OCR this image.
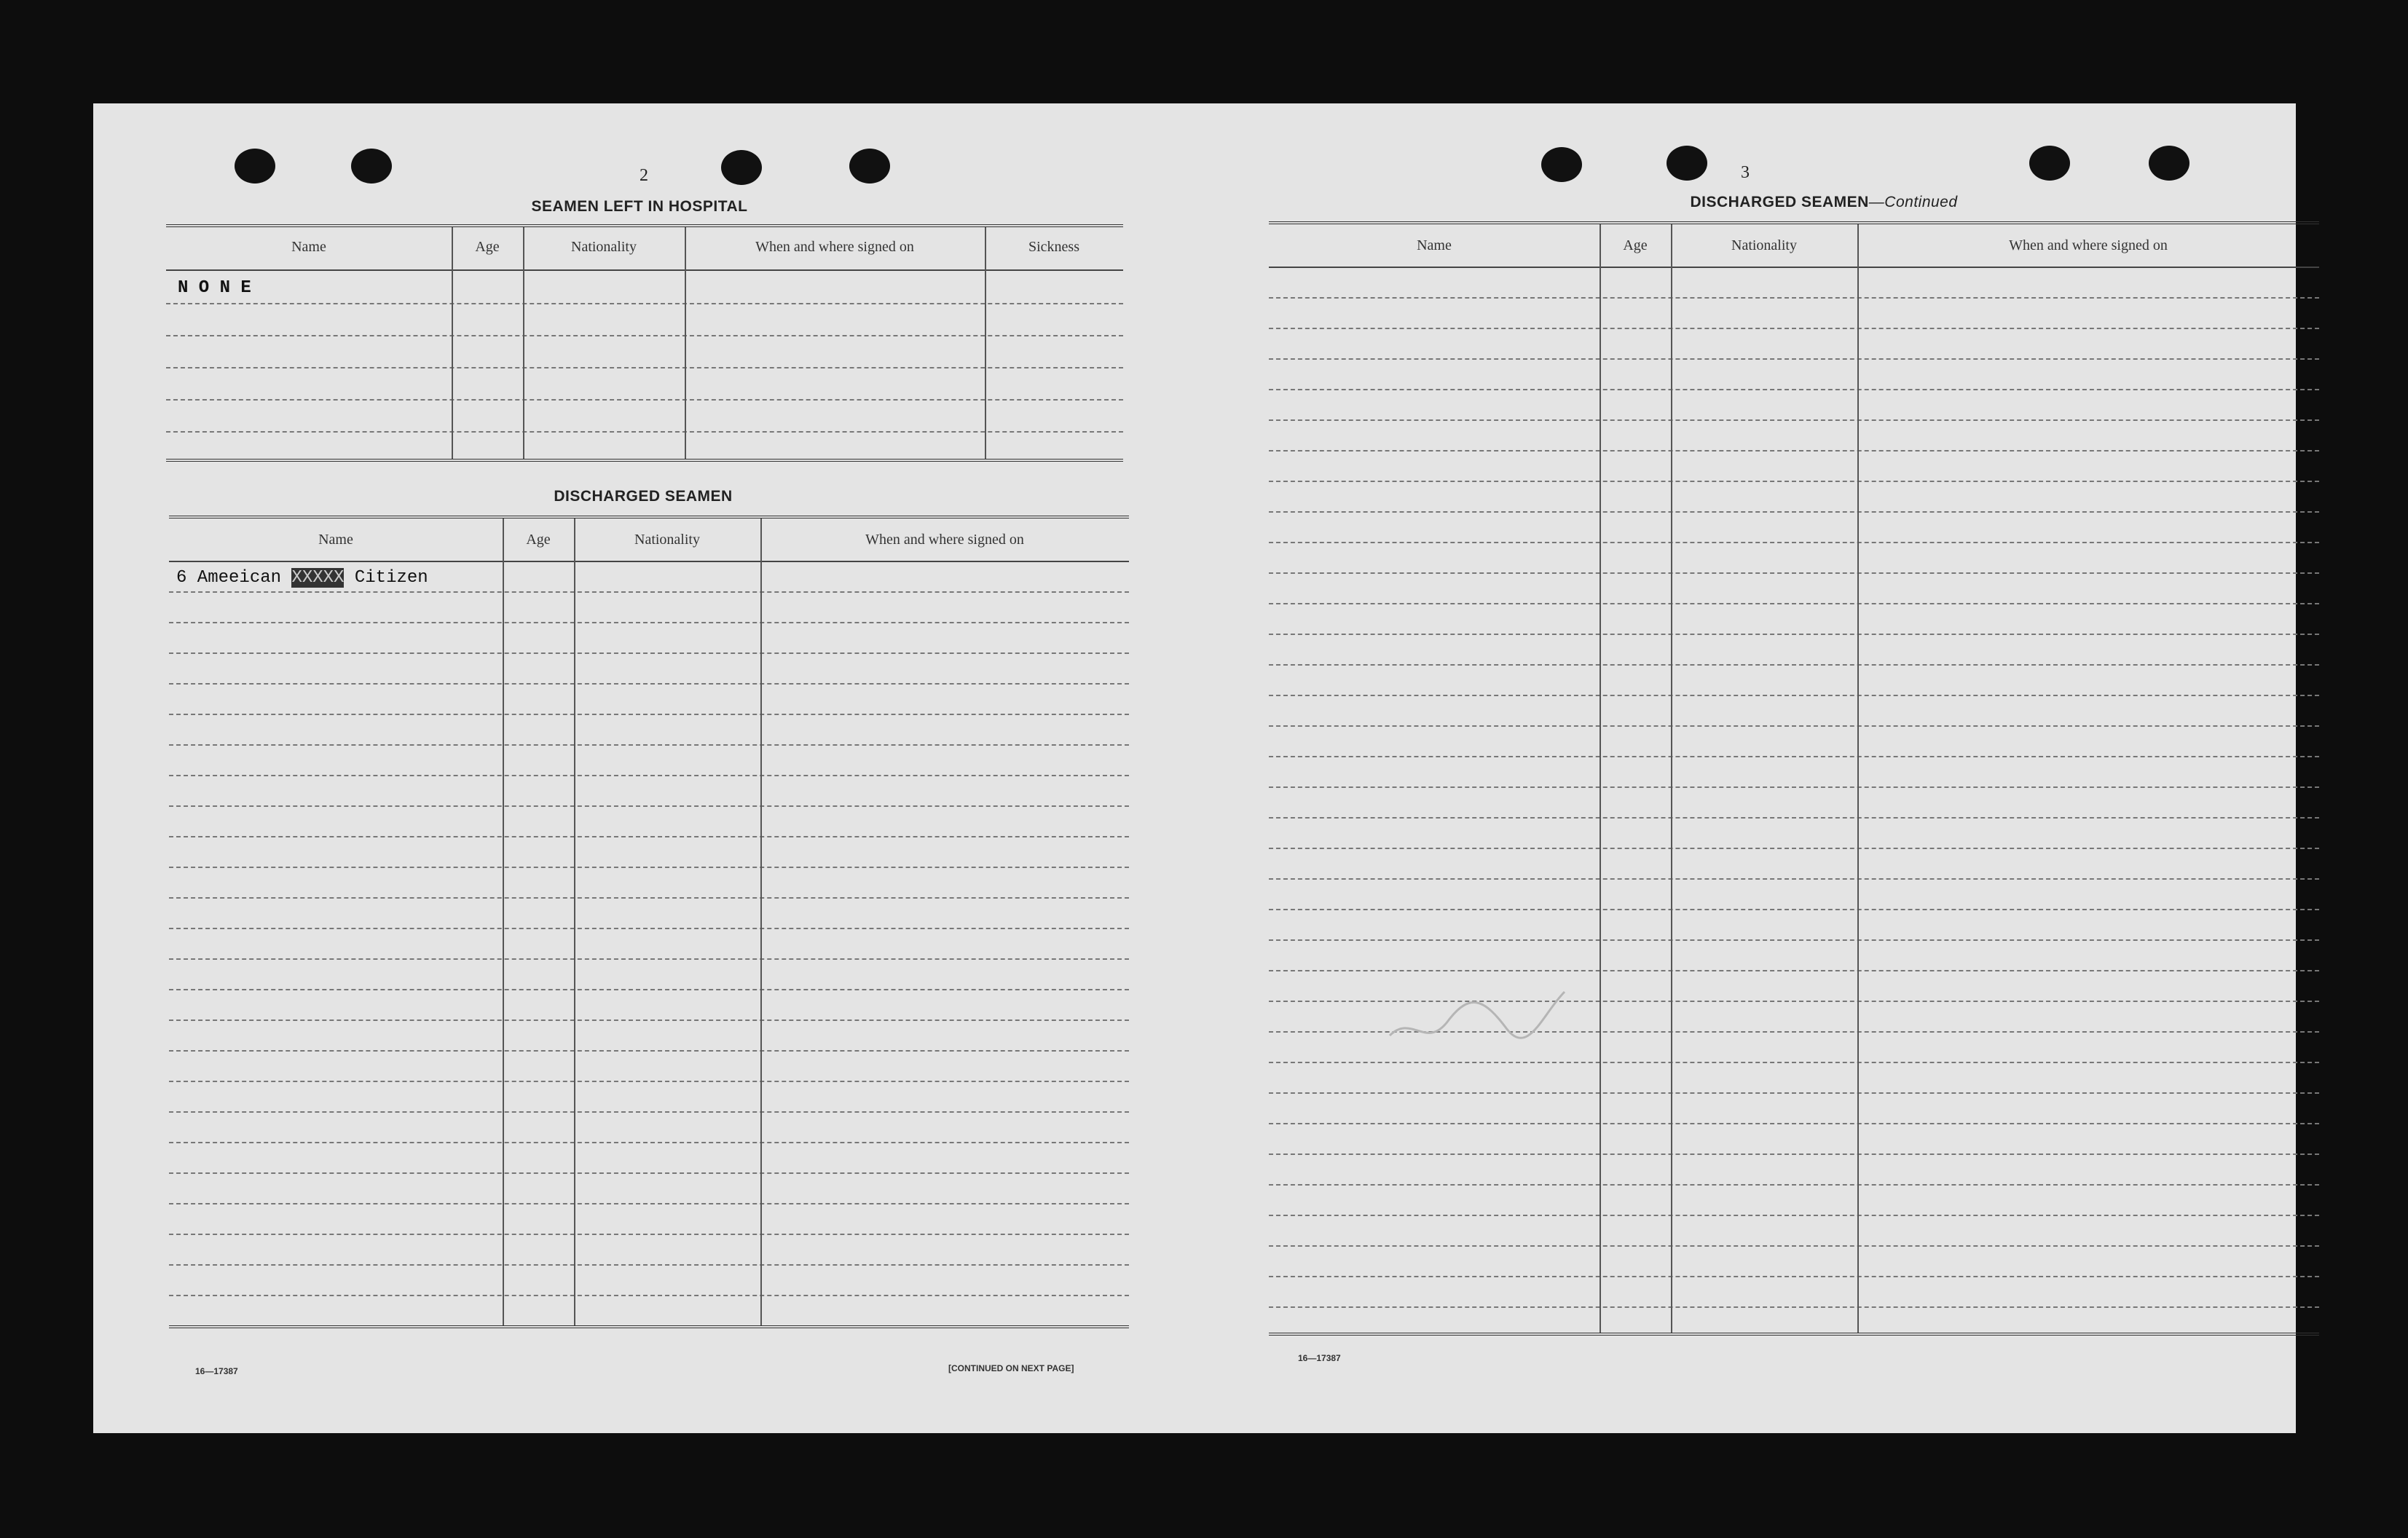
2
SEAMEN LEFT IN HOSPITAL
Name	Age	Nationality	When and where signed on	Sickness
N O N E
DISCHARGED SEAMEN
Name	Age	Nationality	When and where signed on
6 Ameeican XXXXX Citizen
16—17387	[CONTINUED ON NEXT PAGE]
3
DISCHARGED SEAMEN—Continued
Name	Age	Nationality	When and where signed on
16—17387
